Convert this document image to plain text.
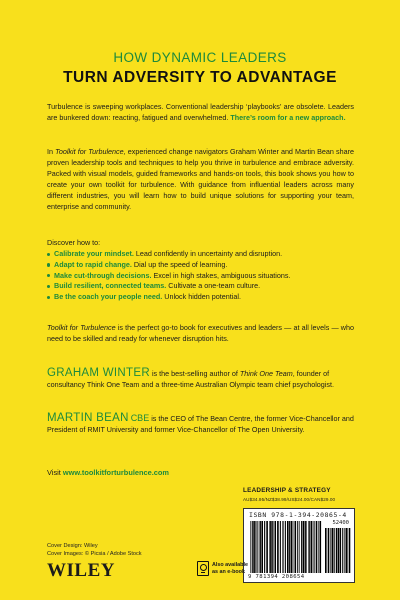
HOW DYNAMIC LEADERS
TURN ADVERSITY TO ADVANTAGE

Turbulence is sweeping workplaces. Conventional leadership ‘playbooks’ are obsolete. Leaders are bunkered down: reacting, fatigued and overwhelmed. There’s room for a new approach.

In Toolkit for Turbulence, experienced change navigators Graham Winter and Martin Bean share proven leadership tools and techniques to help you thrive in turbulence and embrace adversity. Packed with visual models, guided frameworks and hands-on tools, this book shows you how to create your own toolkit for turbulence. With guidance from influential leaders across many different industries, you will learn how to build unique solutions for supporting your team, enterprise and community.

Discover how to:

Calibrate your mindset. Lead confidently in uncertainty and disruption.
Adapt to rapid change. Dial up the speed of learning.
Make cut-through decisions. Excel in high stakes, ambiguous situations.
Build resilient, connected teams. Cultivate a one-team culture.
Be the coach your people need. Unlock hidden potential.

Toolkit for Turbulence is the perfect go-to book for executives and leaders — at all levels — who need to be skilled and ready for whenever disruption hits.

GRAHAM WINTER is the best-selling author of Think One Team, founder of consultancy Think One Team and a three-time Australian Olympic team chief psychologist.

MARTIN BEAN CBE is the CEO of The Bean Centre, the former Vice-Chancellor and President of RMIT University and former Vice-Chancellor of The Open University.

Visit www.toolkitforturbulence.com

LEADERSHIP & STRATEGY
AU$34.95/NZ$38.99/US$24.00/CAN$29.00
ISBN 978-1-394-20865-4
52400
9 781394 208654
Cover Design: Wiley
Cover Images: © Picsia / Adobe Stock
WILEY	Also available
as an e-book
